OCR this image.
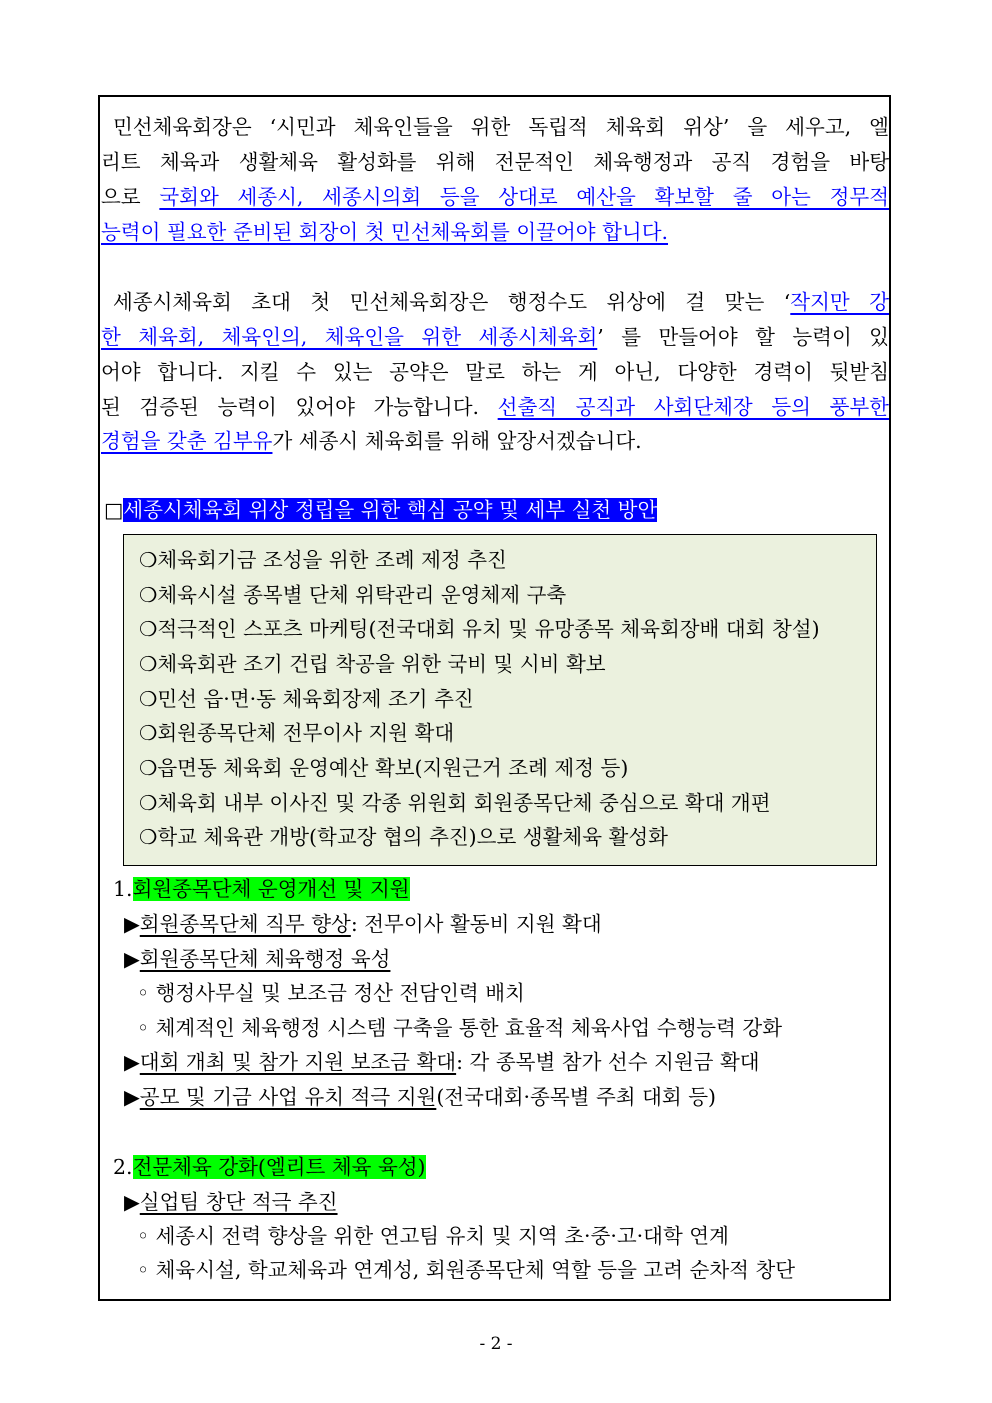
민선체육회장은 ‘시민과 체육인들을 위한 독립적 체육회 위상’ 을 세우고, 엘
리트 체육과 생활체육 활성화를 위해 전문적인 체육행정과 공직 경험을 바탕
으로 국회와 세종시, 세종시의회 등을 상대로 예산을 확보할 줄 아는 정무적
능력이 필요한 준비된 회장이 첫 민선체육회를 이끌어야 합니다.
세종시체육회 초대 첫 민선체육회장은 행정수도 위상에 걸 맞는 ‘작지만 강
한 체육회, 체육인의, 체육인을 위한 세종시체육회’ 를 만들어야 할 능력이 있
어야 합니다. 지킬 수 있는 공약은 말로 하는 게 아닌, 다양한 경력이 뒷받침
된 검증된 능력이 있어야 가능합니다. 선출직 공직과 사회단체장 등의 풍부한
경험을 갖춘 김부유가 세종시 체육회를 위해 앞장서겠습니다.
□세종시체육회 위상 정립을 위한 핵심 공약 및 세부 실천 방안
❍체육회기금 조성을 위한 조례 제정 추진
❍체육시설 종목별 단체 위탁관리 운영체제 구축
❍적극적인 스포츠 마케팅(전국대회 유치 및 유망종목 체육회장배 대회 창설)
❍체육회관 조기 건립 착공을 위한 국비 및 시비 확보
❍민선 읍·면·동 체육회장제 조기 추진
❍회원종목단체 전무이사 지원 확대
❍읍면동 체육회 운영예산 확보(지원근거 조례 제정 등)
❍체육회 내부 이사진 및 각종 위원회 회원종목단체 중심으로 확대 개편
❍학교 체육관 개방(학교장 협의 추진)으로 생활체육 활성화
1.회원종목단체 운영개선 및 지원
▶회원종목단체 직무 향상: 전무이사 활동비 지원 확대
▶회원종목단체 체육행정 육성
◦ 행정사무실 및 보조금 정산 전담인력 배치
◦ 체계적인 체육행정 시스템 구축을 통한 효율적 체육사업 수행능력 강화
▶대회 개최 및 참가 지원 보조금 확대: 각 종목별 참가 선수 지원금 확대
▶공모 및 기금 사업 유치 적극 지원(전국대회·종목별 주최 대회 등)
2.전문체육 강화(엘리트 체육 육성)
▶실업팀 창단 적극 추진
◦ 세종시 전력 향상을 위한 연고팀 유치 및 지역 초·중·고·대학 연계
◦ 체육시설, 학교체육과 연계성, 회원종목단체 역할 등을 고려 순차적 창단
- 2 -
